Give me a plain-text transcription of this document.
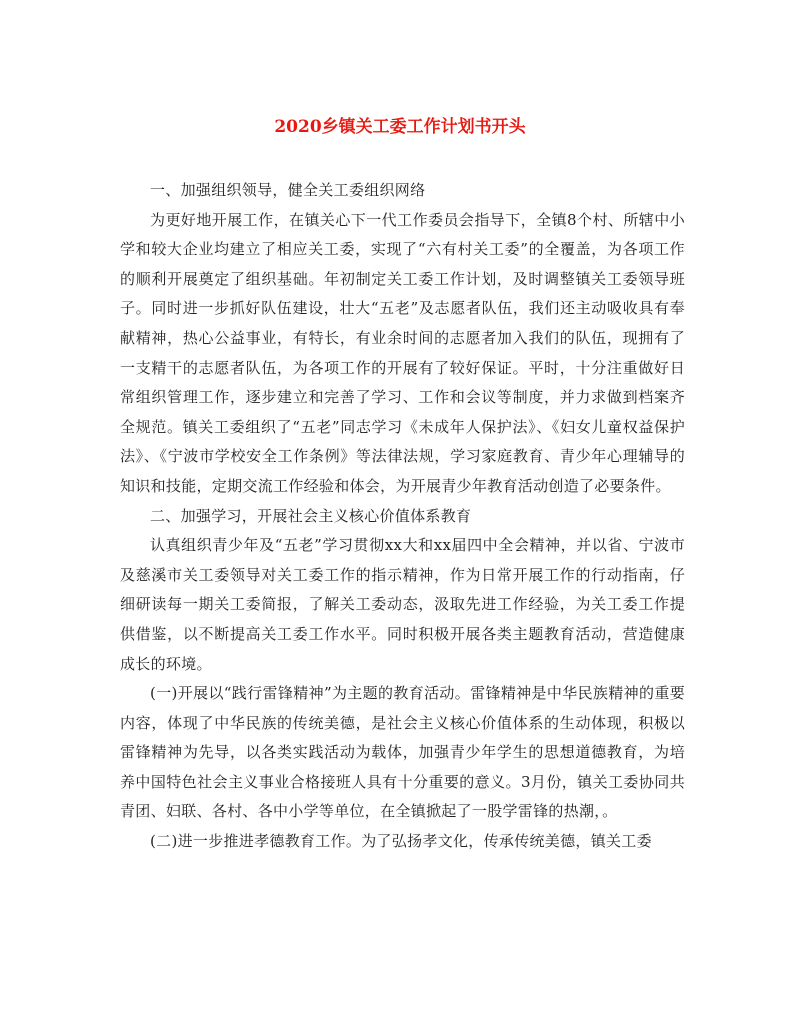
2020乡镇关工委工作计划书开头

一、加强组织领导，健全关工委组织网络

为更好地开展工作，在镇关心下一代工作委员会指导下，全镇8个村、所辖中小学和较大企业均建立了相应关工委，实现了“六有村关工委”的全覆盖，为各项工作的顺利开展奠定了组织基础。年初制定关工委工作计划，及时调整镇关工委领导班子。同时进一步抓好队伍建设，壮大“五老”及志愿者队伍，我们还主动吸收具有奉献精神，热心公益事业，有特长，有业余时间的志愿者加入我们的队伍，现拥有了一支精干的志愿者队伍，为各项工作的开展有了较好保证。平时，十分注重做好日常组织管理工作，逐步建立和完善了学习、工作和会议等制度，并力求做到档案齐全规范。镇关工委组织了“五老”同志学习《未成年人保护法》、《妇女儿童权益保护法》、《宁波市学校安全工作条例》等法律法规，学习家庭教育、青少年心理辅导的知识和技能，定期交流工作经验和体会，为开展青少年教育活动创造了必要条件。

二、加强学习，开展社会主义核心价值体系教育

认真组织青少年及“五老”学习贯彻xx大和xx届四中全会精神，并以省、宁波市及慈溪市关工委领导对关工委工作的指示精神，作为日常开展工作的行动指南，仔细研读每一期关工委简报，了解关工委动态，汲取先进工作经验，为关工委工作提供借鉴，以不断提高关工委工作水平。同时积极开展各类主题教育活动，营造健康成长的环境。

(一)开展以“践行雷锋精神”为主题的教育活动。雷锋精神是中华民族精神的重要内容，体现了中华民族的传统美德，是社会主义核心价值体系的生动体现，积极以雷锋精神为先导，以各类实践活动为载体，加强青少年学生的思想道德教育，为培养中国特色社会主义事业合格接班人具有十分重要的意义。3月份，镇关工委协同共青团、妇联、各村、各中小学等单位，在全镇掀起了一股学雷锋的热潮，。

(二)进一步推进孝德教育工作。为了弘扬孝文化，传承传统美德，镇关工委
